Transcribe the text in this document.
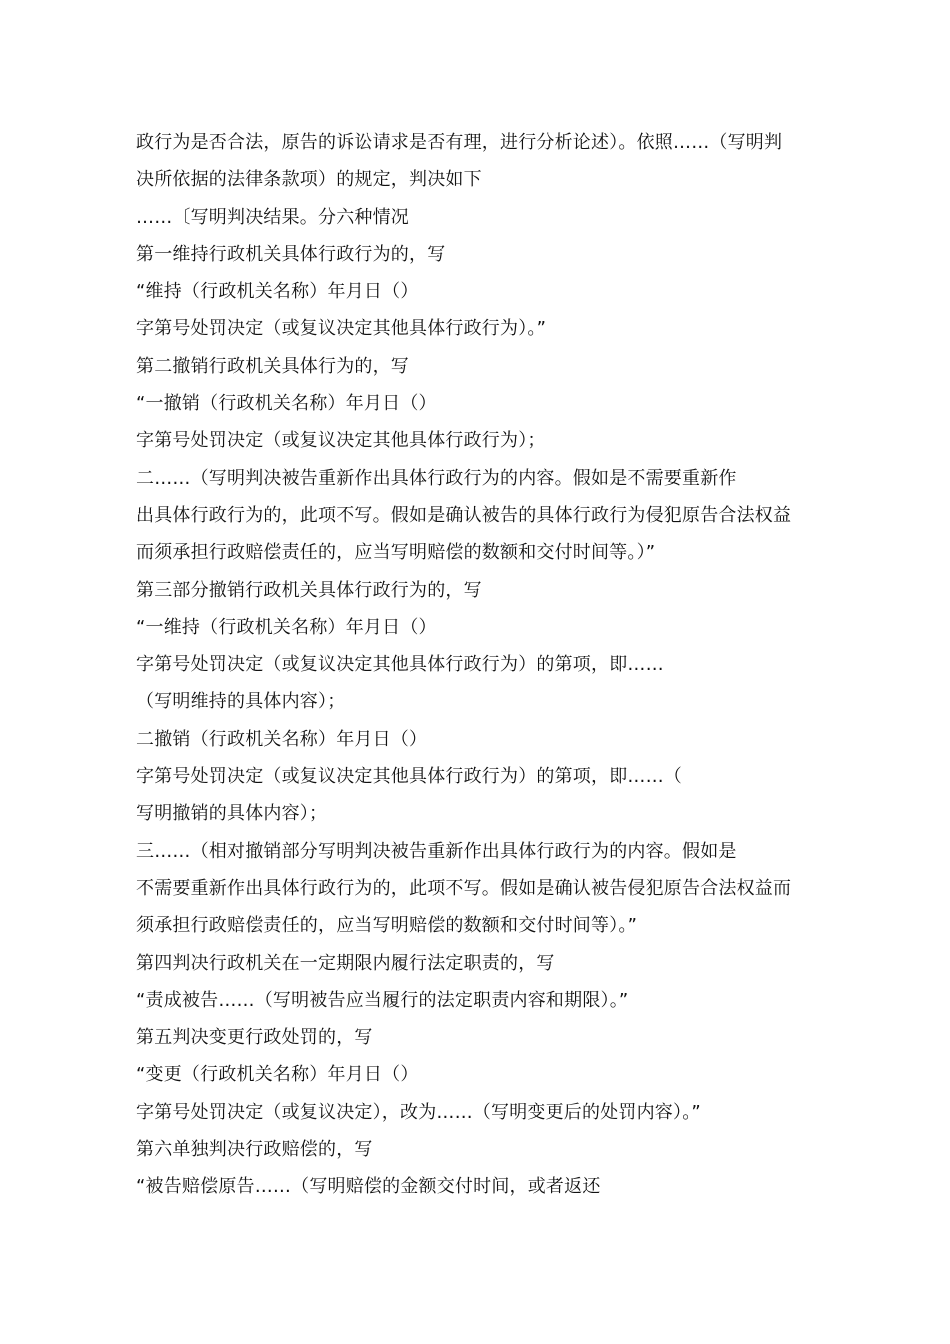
政行为是否合法，原告的诉讼请求是否有理，进行分析论述）。依照……（写明判
决所依据的法律条款项）的规定，判决如下
……〔写明判决结果。分六种情况
第一维持行政机关具体行政行为的，写
“维持（行政机关名称）年月日（）
字第号处罚决定（或复议决定其他具体行政行为）。”
第二撤销行政机关具体行为的，写
“一撤销（行政机关名称）年月日（）
字第号处罚决定（或复议决定其他具体行政行为）；
二……（写明判决被告重新作出具体行政行为的内容。假如是不需要重新作
出具体行政行为的，此项不写。假如是确认被告的具体行政行为侵犯原告合法权益
而须承担行政赔偿责任的，应当写明赔偿的数额和交付时间等。）”
第三部分撤销行政机关具体行政行为的，写
“一维持（行政机关名称）年月日（）
字第号处罚决定（或复议决定其他具体行政行为）的第项，即……
（写明维持的具体内容）；
二撤销（行政机关名称）年月日（）
字第号处罚决定（或复议决定其他具体行政行为）的第项，即……（
写明撤销的具体内容）；
三……（相对撤销部分写明判决被告重新作出具体行政行为的内容。假如是
不需要重新作出具体行政行为的，此项不写。假如是确认被告侵犯原告合法权益而
须承担行政赔偿责任的，应当写明赔偿的数额和交付时间等）。”
第四判决行政机关在一定期限内履行法定职责的，写
“责成被告……（写明被告应当履行的法定职责内容和期限）。”
第五判决变更行政处罚的，写
“变更（行政机关名称）年月日（）
字第号处罚决定（或复议决定），改为……（写明变更后的处罚内容）。”
第六单独判决行政赔偿的，写
“被告赔偿原告……（写明赔偿的金额交付时间，或者返还
